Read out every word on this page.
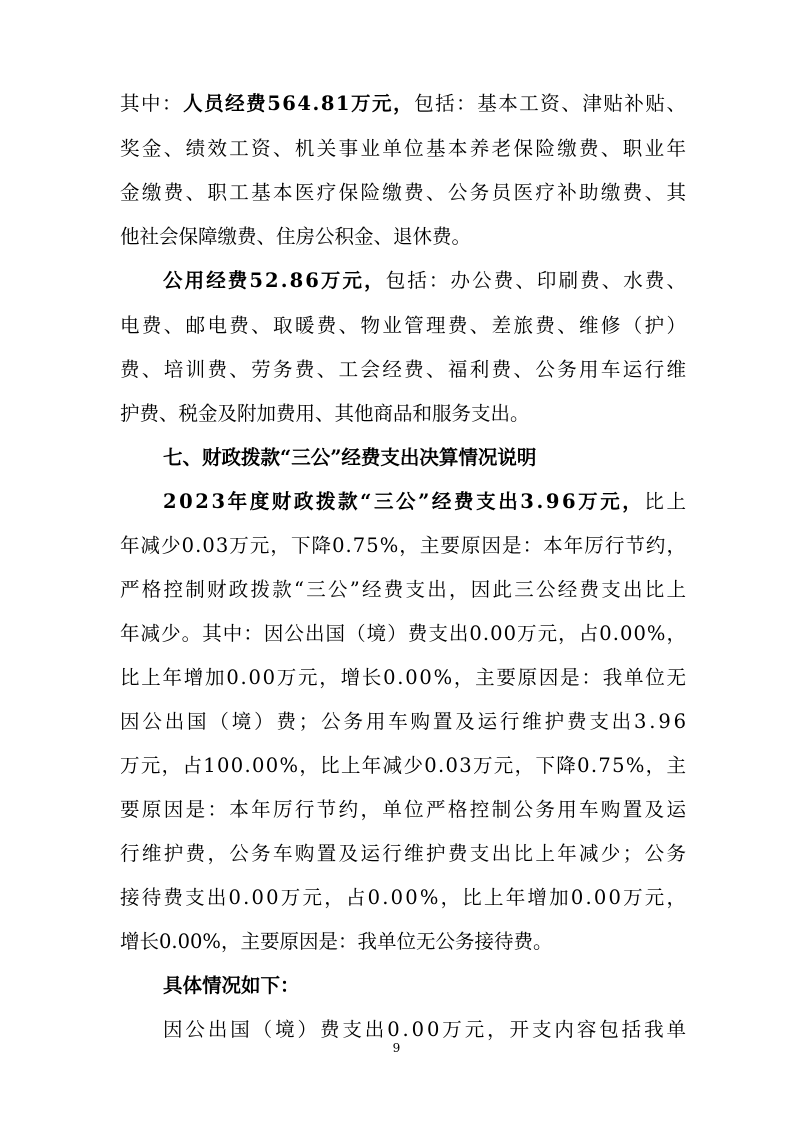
其中：人员经费564.81万元，包括：基本工资、津贴补贴、
奖金、绩效工资、机关事业单位基本养老保险缴费、职业年
金缴费、职工基本医疗保险缴费、公务员医疗补助缴费、其
他社会保障缴费、住房公积金、退休费。
公用经费52.86万元，包括：办公费、印刷费、水费、
电费、邮电费、取暖费、物业管理费、差旅费、维修（护）
费、培训费、劳务费、工会经费、福利费、公务用车运行维
护费、税金及附加费用、其他商品和服务支出。
七、财政拨款“三公”经费支出决算情况说明
2023年度财政拨款“三公”经费支出3.96万元，比上
年减少0.03万元，下降0.75%，主要原因是：本年厉行节约，
严格控制财政拨款“三公”经费支出，因此三公经费支出比上
年减少。其中：因公出国（境）费支出0.00万元，占0.00%，
比上年增加0.00万元，增长0.00%，主要原因是：我单位无
因公出国（境）费；公务用车购置及运行维护费支出3.96
万元，占100.00%，比上年减少0.03万元，下降0.75%，主
要原因是：本年厉行节约，单位严格控制公务用车购置及运
行维护费，公务车购置及运行维护费支出比上年减少；公务
接待费支出0.00万元，占0.00%，比上年增加0.00万元，
增长0.00%，主要原因是：我单位无公务接待费。
具体情况如下：
因公出国（境）费支出0.00万元，开支内容包括我单
9
